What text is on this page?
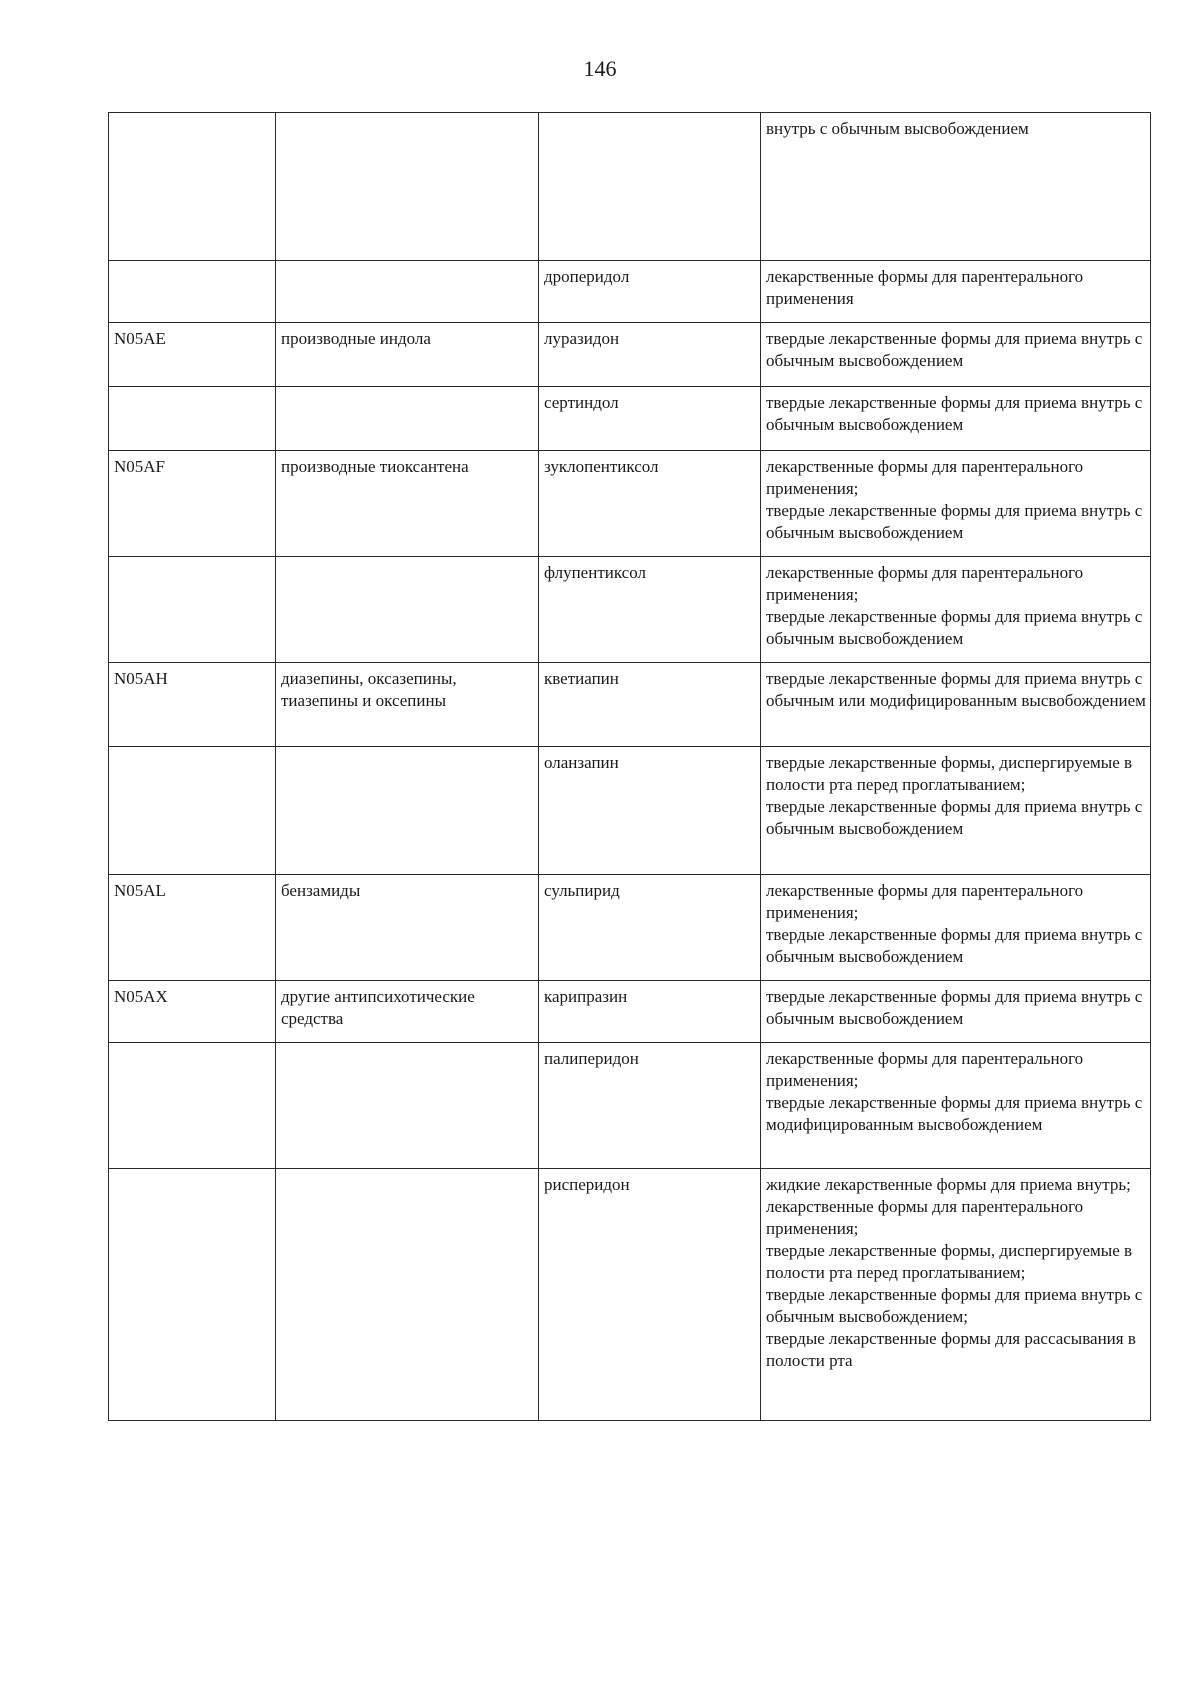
146

			внутрь с обычным высвобождением

		дроперидол	лекарственные формы для парентерального применения

N05AE	производные индола	луразидон	твердые лекарственные формы для приема внутрь с обычным высвобождением

		сертиндол	твердые лекарственные формы для приема внутрь с обычным высвобождением

N05AF	производные тиоксантена	зуклопентиксол	лекарственные формы для парентерального применения;
твердые лекарственные формы для приема внутрь с обычным высвобождением

		флупентиксол	лекарственные формы для парентерального применения;
твердые лекарственные формы для приема внутрь с обычным высвобождением

N05AH	диазепины, оксазепины, тиазепины и оксепины	кветиапин	твердые лекарственные формы для приема внутрь с обычным или модифицированным высвобождением

		оланзапин	твердые лекарственные формы, диспергируемые в полости рта перед проглатыванием;
твердые лекарственные формы для приема внутрь с обычным высвобождением

N05AL	бензамиды	сульпирид	лекарственные формы для парентерального применения;
твердые лекарственные формы для приема внутрь с обычным высвобождением

N05AX	другие антипсихотические средства	карипразин	твердые лекарственные формы для приема внутрь с обычным высвобождением

		палиперидон	лекарственные формы для парентерального применения;
твердые лекарственные формы для приема внутрь с модифицированным высвобождением

		рисперидон	жидкие лекарственные формы для приема внутрь;
лекарственные формы для парентерального применения;
твердые лекарственные формы, диспергируемые в полости рта перед проглатыванием;
твердые лекарственные формы для приема внутрь с обычным высвобождением;
твердые лекарственные формы для рассасывания в полости рта
